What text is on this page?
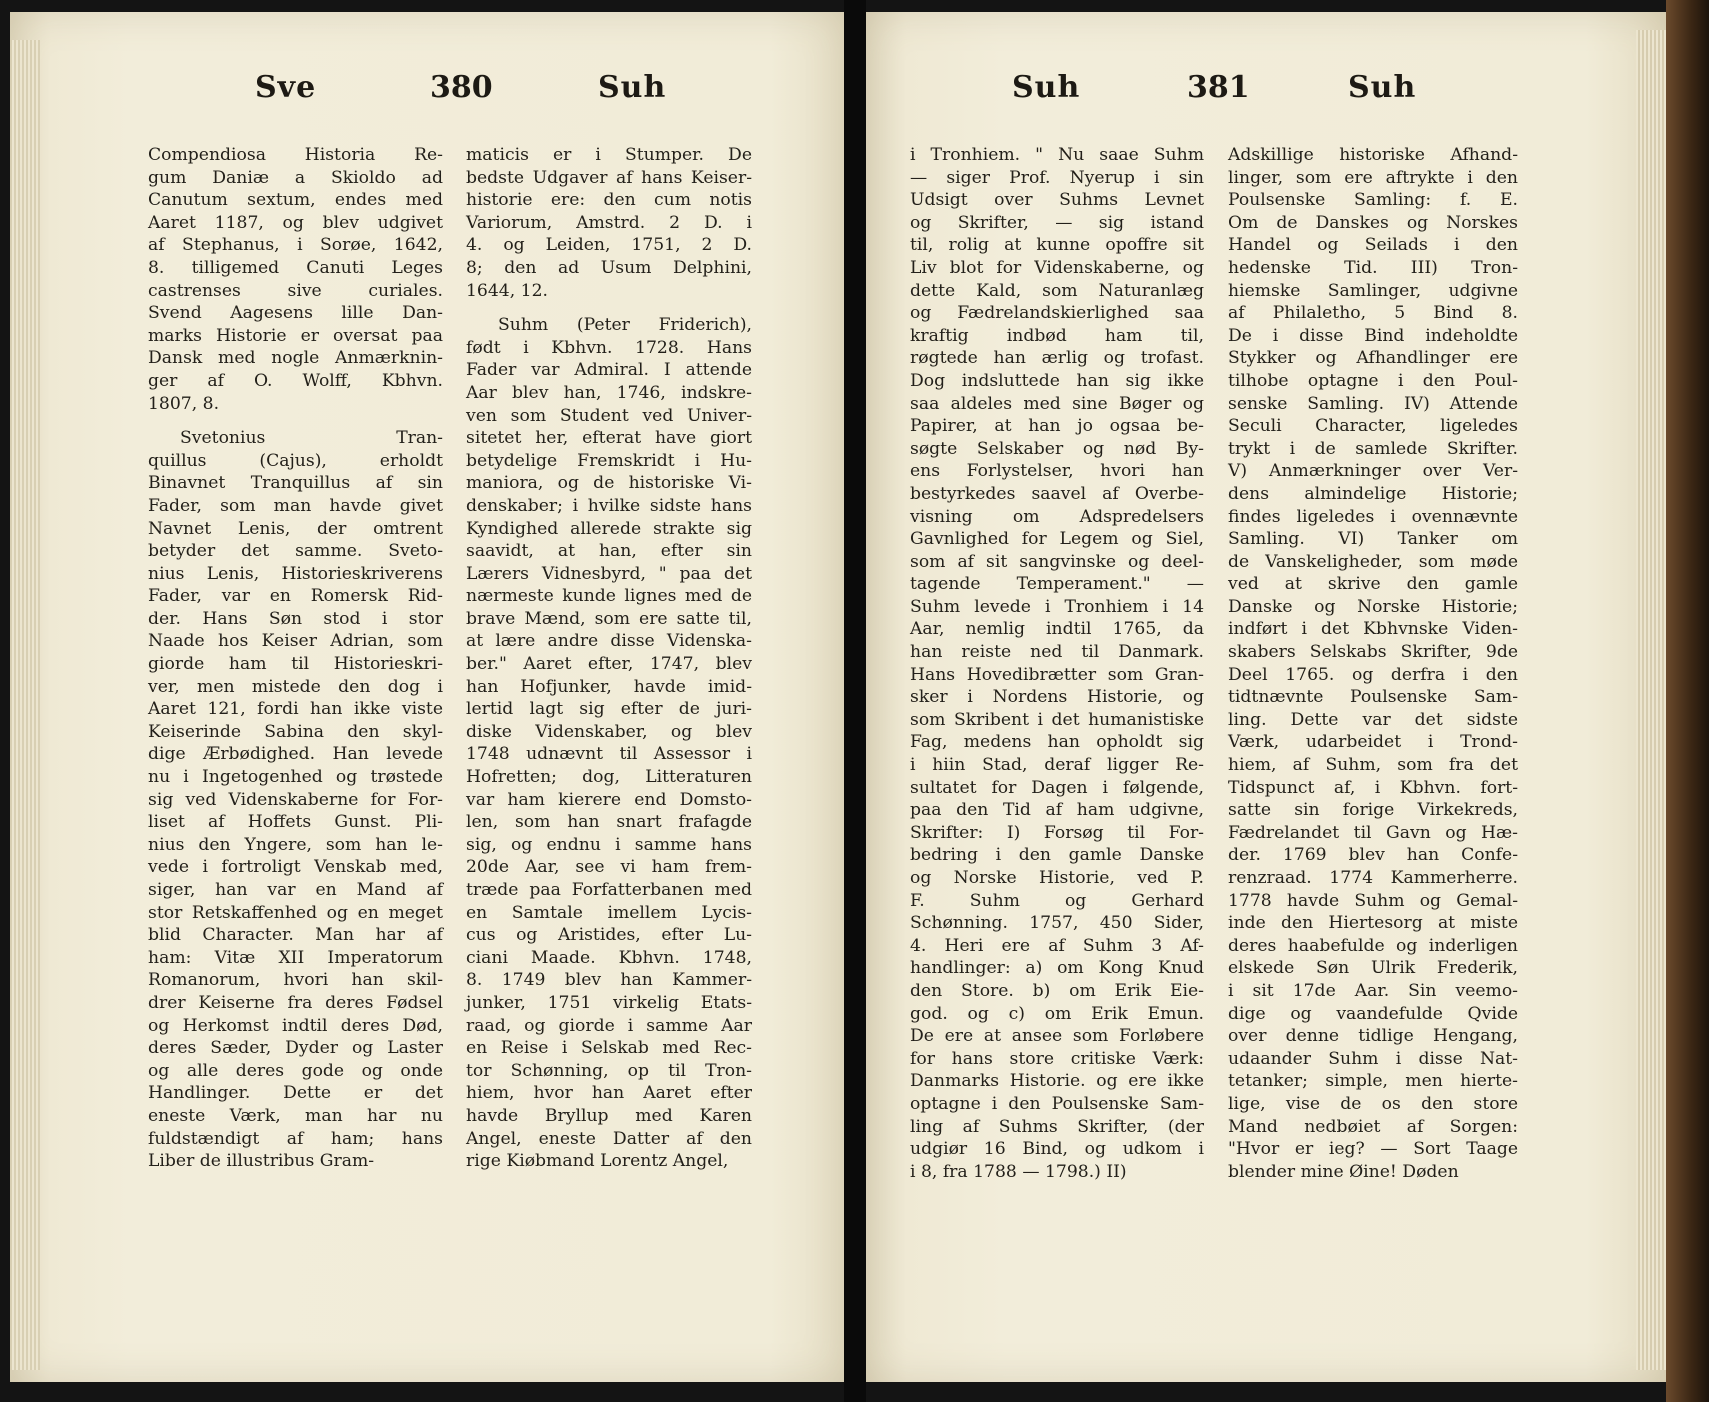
Sve	380	Suh	Suh	381	Suh
Compendiosa Historia Re-
gum Daniæ a Skioldo ad
Canutum sextum, endes med
Aaret 1187, og blev udgivet
af Stephanus, i Sorøe, 1642,
8. tilligemed Canuti Leges
castrenses sive curiales.
Svend Aagesens lille Dan-
marks Historie er oversat paa
Dansk med nogle Anmærknin-
ger af O. Wolff, Kbhvn.
1807, 8.
Svetonius Tran-
quillus (Cajus), erholdt
Binavnet Tranquillus af sin
Fader, som man havde givet
Navnet Lenis, der omtrent
betyder det samme. Sveto-
nius Lenis, Historieskriverens
Fader, var en Romersk Rid-
der. Hans Søn stod i stor
Naade hos Keiser Adrian, som
giorde ham til Historieskri-
ver, men mistede den dog i
Aaret 121, fordi han ikke viste
Keiserinde Sabina den skyl-
dige Ærbødighed. Han levede
nu i Ingetogenhed og trøstede
sig ved Videnskaberne for For-
liset af Hoffets Gunst. Pli-
nius den Yngere, som han le-
vede i fortroligt Venskab med,
siger, han var en Mand af
stor Retskaffenhed og en meget
blid Character. Man har af
ham: Vitæ XII Imperatorum
Romanorum, hvori han skil-
drer Keiserne fra deres Fødsel
og Herkomst indtil deres Død,
deres Sæder, Dyder og Laster
og alle deres gode og onde
Handlinger. Dette er det
eneste Værk, man har nu
fuldstændigt af ham; hans
Liber de illustribus Gram-
maticis er i Stumper. De
bedste Udgaver af hans Keiser-
historie ere: den cum notis
Variorum, Amstrd. 2 D. i
4. og Leiden, 1751, 2 D.
8; den ad Usum Delphini,
1644, 12.
Suhm (Peter Friderich),
født i Kbhvn. 1728. Hans
Fader var Admiral. I attende
Aar blev han, 1746, indskre-
ven som Student ved Univer-
sitetet her, efterat have giort
betydelige Fremskridt i Hu-
maniora, og de historiske Vi-
denskaber; i hvilke sidste hans
Kyndighed allerede strakte sig
saavidt, at han, efter sin
Lærers Vidnesbyrd, " paa det
nærmeste kunde lignes med de
brave Mænd, som ere satte til,
at lære andre disse Videnska-
ber." Aaret efter, 1747, blev
han Hofjunker, havde imid-
lertid lagt sig efter de juri-
diske Videnskaber, og blev
1748 udnævnt til Assessor i
Hofretten; dog, Litteraturen
var ham kierere end Domsto-
len, som han snart frafagde
sig, og endnu i samme hans
20de Aar, see vi ham frem-
træde paa Forfatterbanen med
en Samtale imellem Lycis-
cus og Aristides, efter Lu-
ciani Maade. Kbhvn. 1748,
8. 1749 blev han Kammer-
junker, 1751 virkelig Etats-
raad, og giorde i samme Aar
en Reise i Selskab med Rec-
tor Schønning, op til Tron-
hiem, hvor han Aaret efter
havde Bryllup med Karen
Angel, eneste Datter af den
rige Kiøbmand Lorentz Angel,
i Tronhiem. " Nu saae Suhm
— siger Prof. Nyerup i sin
Udsigt over Suhms Levnet
og Skrifter, — sig istand
til, rolig at kunne opoffre sit
Liv blot for Videnskaberne, og
dette Kald, som Naturanlæg
og Fædrelandskierlighed saa
kraftig indbød ham til,
røgtede han ærlig og trofast.
Dog indsluttede han sig ikke
saa aldeles med sine Bøger og
Papirer, at han jo ogsaa be-
søgte Selskaber og nød By-
ens Forlystelser, hvori han
bestyrkedes saavel af Overbe-
visning om Adspredelsers
Gavnlighed for Legem og Siel,
som af sit sangvinske og deel-
tagende Temperament." —
Suhm levede i Tronhiem i 14
Aar, nemlig indtil 1765, da
han reiste ned til Danmark.
Hans Hovedibrætter som Gran-
sker i Nordens Historie, og
som Skribent i det humanistiske
Fag, medens han opholdt sig
i hiin Stad, deraf ligger Re-
sultatet for Dagen i følgende,
paa den Tid af ham udgivne,
Skrifter: I) Forsøg til For-
bedring i den gamle Danske
og Norske Historie, ved P.
F. Suhm og Gerhard
Schønning. 1757, 450 Sider,
4. Heri ere af Suhm 3 Af-
handlinger: a) om Kong Knud
den Store. b) om Erik Eie-
god. og c) om Erik Emun.
De ere at ansee som Forløbere
for hans store critiske Værk:
Danmarks Historie. og ere ikke
optagne i den Poulsenske Sam-
ling af Suhms Skrifter, (der
udgiør 16 Bind, og udkom i
i 8, fra 1788 — 1798.) II)
Adskillige historiske Afhand-
linger, som ere aftrykte i den
Poulsenske Samling: f. E.
Om de Danskes og Norskes
Handel og Seilads i den
hedenske Tid. III) Tron-
hiemske Samlinger, udgivne
af Philalethо, 5 Bind 8.
De i disse Bind indeholdte
Stykker og Afhandlinger ere
tilhobe optagne i den Poul-
senske Samling. IV) Attende
Seculi Character, ligeledes
trykt i de samlede Skrifter.
V) Anmærkninger over Ver-
dens almindelige Historie;
findes ligeledes i ovennævnte
Samling. VI) Tanker om
de Vanskeligheder, som møde
ved at skrive den gamle
Danske og Norske Historie;
indført i det Kbhvnske Viden-
skabers Selskabs Skrifter, 9de
Deel 1765. og derfra i den
tidtnævnte Poulsenske Sam-
ling. Dette var det sidste
Værk, udarbeidet i Trond-
hiem, af Suhm, som fra det
Tidspunct af, i Kbhvn. fort-
satte sin forige Virkekreds,
Fædrelandet til Gavn og Hæ-
der. 1769 blev han Confe-
renzraad. 1774 Kammerherre.
1778 havde Suhm og Gemal-
inde den Hiertesorg at miste
deres haabefulde og inderligen
elskede Søn Ulrik Frederik,
i sit 17de Aar. Sin veemo-
dige og vaandefulde Qvide
over denne tidlige Hengang,
udaander Suhm i disse Nat-
tetanker; simple, men hierte-
lige, vise de os den store
Mand nedbøiet af Sorgen:
"Hvor er ieg? — Sort Taage
blender mine Øine! Døden
